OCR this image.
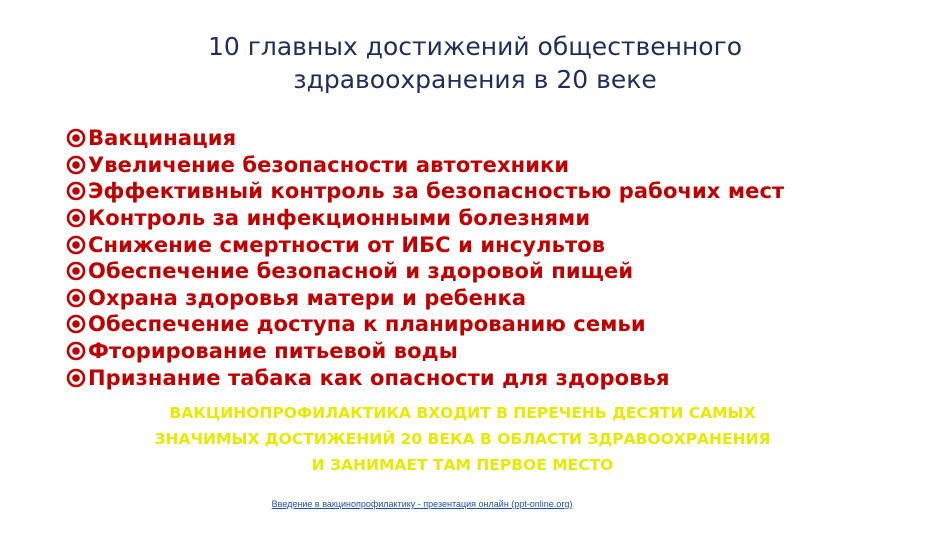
10 главных достижений общественного
здравоохранения в 20 веке
Вакцинация
Увеличение безопасности автотехники
Эффективный контроль за безопасностью рабочих мест
Контроль за инфекционными болезнями
Снижение смертности от ИБС и инсультов
Обеспечение безопасной и здоровой пищей
Охрана здоровья матери и ребенка
Обеспечение доступа к планированию семьи
Фторирование питьевой воды
Признание табака как опасности для здоровья
ВАКЦИНОПРОФИЛАКТИКА ВХОДИТ В ПЕРЕЧЕНЬ ДЕСЯТИ САМЫХ
ЗНАЧИМЫХ ДОСТИЖЕНИЙ 20 ВЕКА В ОБЛАСТИ ЗДРАВООХРАНЕНИЯ
И ЗАНИМАЕТ ТАМ ПЕРВОЕ МЕСТО
Введение в вакцинопрофилактику - презентация онлайн (ppt-online.org)
